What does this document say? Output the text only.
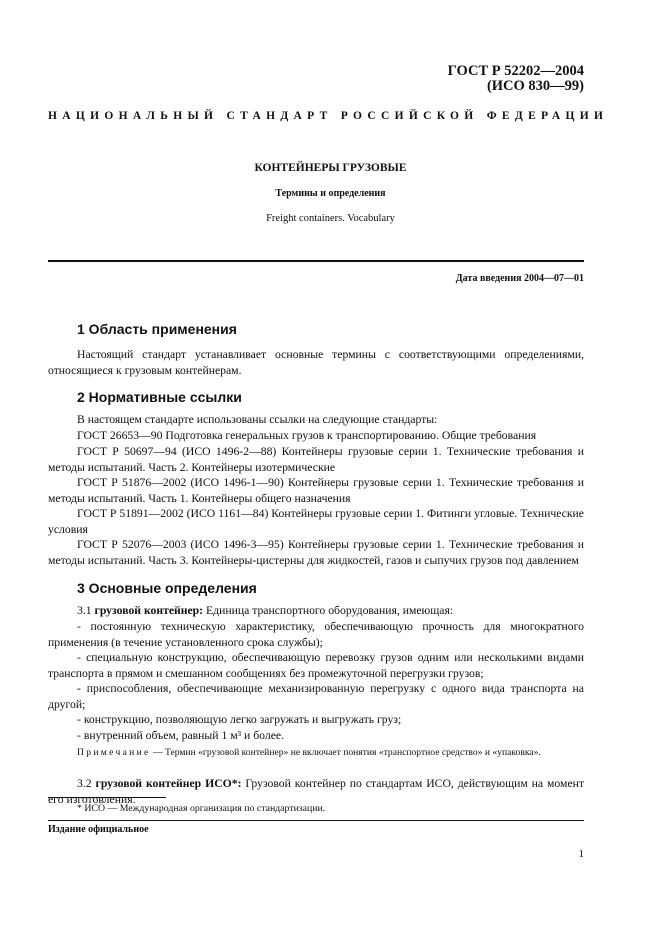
ГОСТ Р 52202—2004
(ИСО 830—99)
НАЦИОНАЛЬНЫЙ СТАНДАРТ РОССИЙСКОЙ ФЕДЕРАЦИИ
КОНТЕЙНЕРЫ ГРУЗОВЫЕ
Термины и определения
Freight containers. Vocabulary
Дата введения 2004—07—01
1 Область применения
Настоящий стандарт устанавливает основные термины с соответствующими определениями, относящиеся к грузовым контейнерам.
2 Нормативные ссылки
В настоящем стандарте использованы ссылки на следующие стандарты:
ГОСТ 26653—90 Подготовка генеральных грузов к транспортированию. Общие требования
ГОСТ Р 50697—94 (ИСО 1496-2—88) Контейнеры грузовые серии 1. Технические требования и методы испытаний. Часть 2. Контейнеры изотермические
ГОСТ Р 51876—2002 (ИСО 1496-1—90) Контейнеры грузовые серии 1. Технические требования и методы испытаний. Часть 1. Контейнеры общего назначения
ГОСТ Р 51891—2002 (ИСО 1161—84) Контейнеры грузовые серии 1. Фитинги угловые. Технические условия
ГОСТ Р 52076—2003 (ИСО 1496-3—95) Контейнеры грузовые серии 1. Технические требования и методы испытаний. Часть 3. Контейнеры-цистерны для жидкостей, газов и сыпучих грузов под давлением
3 Основные определения
3.1 грузовой контейнер: Единица транспортного оборудования, имеющая:
- постоянную техническую характеристику, обеспечивающую прочность для многократного применения (в течение установленного срока службы);
- специальную конструкцию, обеспечивающую перевозку грузов одним или несколькими видами транспорта в прямом и смешанном сообщениях без промежуточной перегрузки грузов;
- приспособления, обеспечивающие механизированную перегрузку с одного вида транспорта на другой;
- конструкцию, позволяющую легко загружать и выгружать груз;
- внутренний объем, равный 1 м³ и более.
Примечание — Термин «грузовой контейнер» не включает понятия «транспортное средство» и «упаковка».
3.2 грузовой контейнер ИСО*: Грузовой контейнер по стандартам ИСО, действующим на момент его изготовления.
* ИСО — Международная организация по стандартизации.
Издание официальное
1
